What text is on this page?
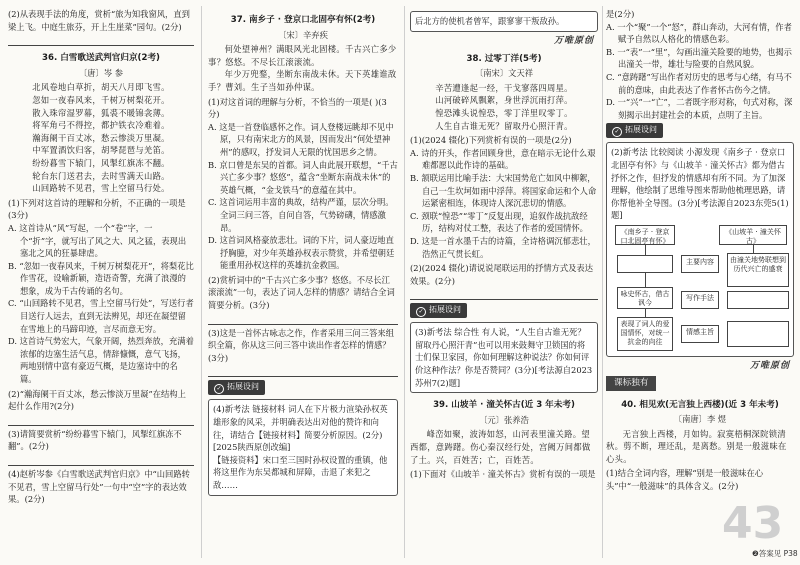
(2)从表现手法的角度，赏析“旅为知我窗风，直到梁上飞。中庭生旅芬，开上生崖菜”园句。(2分)

36. 白雪歌送武判官归京(2考)
〔唐〕岑 参

北风卷地白草折，胡天八月即飞雪。

忽如一夜春风来，千树万树梨花开。

散入珠帘湿罗幕，狐裘不暖锦衾薄。

将军角弓不得控，都护铁衣冷难着。

瀚海阑干百丈冰，愁云惨淡万里凝。

中军置酒饮归客，胡琴琵琶与羌笛。

纷纷暮雪下辕门，风掣红旗冻不翻。

轮台东门送君去，去时雪满天山路。

山回路转不见君，雪上空留马行处。

(1)下列对这首诗的理解和分析，不正确的一项是(3分)

A. 这首诗从“风”写起，一个“卷”字，一个“折”字，就写出了风之大、风之猛，表现出塞北之风的狂暴肆虐。

B. “忽如一夜春风来，千树万树梨花开”，将梨花比作雪花，设喻新颖，造语奇警，充满了浪漫的想象，成为千古传诵的名句。

C. “山回路转不见君，雪上空留马行处”，写送行者目送行人远去，直到无法辨见，却还在凝望留在雪地上的马蹄印迹，言尽而意无穷。

D. 这首诗气势宏大，气象开阔，热烈奔放，充满着浓郁的边塞生活气息，情辞慷慨，意气飞扬，两地别情中富有豪迈气概，是边塞诗中的名篇。

(2)“瀚海阑干百丈冰，愁云惨淡万里凝”在结构上起什么作用?(2分)

(3)请简要赏析“纷纷暮雪下辕门，风掣红旗冻不翻”。(2分)

(4)赵析岑参《白雪歌送武判官归京》中“山回路转不见君，雪上空留马行处”一句中“空”字的表达效果。(2分)

37. 南乡子 · 登京口北固亭有怀(2考)
〔宋〕辛弃疾

何处望神州？满眼风光北固楼。千古兴亡多少事？悠悠。不尽长江滚滚流。

年少万兜鍪，坐断东南战未休。天下英雄谁敌手？曹刘。生子当如孙仲谋。

(1)对这首词的理解与分析，不恰当的一项是( )(3分)

A. 这是一首登临感怀之作。词人登楼远眺却不见中原，只有南宋北方的风景，因而发出“何处望神州”的感叹，抒发词人无限的忧国思乡之情。

B. 京口曾是东吴的首都。词人由此展开联想，“千古兴亡多少事？悠悠”，蕴含“坐断东南战未休”的英雄气概，“金戈铁马”的意蕴在其中。

C. 这首词运用丰富的典故，结构严谨，层次分明。全词三问三答，自问自答，气势磅礴，情感激昂。

D. 这首词风格豪放悲壮。词的下片，词人豪迈地直抒胸臆，对少年英雄孙权表示赞赏，并希望朝廷能重用孙权这样的英雄抗金救国。

(2)赏析词中的“千古兴亡多少事？悠悠。不尽长江滚滚流”一句，表达了词人怎样的情感？请结合全词简要分析。(3分)

(3)这是一首怀古咏志之作，作者采用三问三答来组织全篇，你从这三问三答中读出作者怎样的情感？(3分)

✓ 拓展设问

(4)新考法 链接材料 词人在下片极力渲染孙权英雄形象的风采，并明确表达出对他的赞许和向往，请结合【链接材料】简要分析原因。(2分)[2025陕西原创改编]

【链接资料】宋口至三国时孙权设置的重镇，他将这里作为东吴都城和屏障，击退了来犯之敌……

后北方的使机者曾军，跟寥寥干叛敌孙。

万唯原创
38. 过零丁洋(5考)
〔南宋〕文天祥

辛苦遭逢起一经，干戈寥落四周星。

山河破碎风飘絮，身世浮沉雨打萍。

惶恐滩头说惶恐，零丁洋里叹零丁。

人生自古谁无死？留取丹心照汗青。

(1)(2024 辍化)下列赏析有误的一项是(2分)

A. 诗的开头，作者回顾身世，意在暗示无论什么艰难都愿以此作诗的基础。

B. 颔联运用比喻手法：大宋国势危亡如风中柳絮，自己一生坎坷如雨中浮萍。将国家命运和个人命运紧密相连，体现诗人深沉悲切的情感。

C. 颈联“惶恐”“零丁”反复出现，追叙作战抗敌经历，结构对仗工整，表达了作者的爱国情怀。

D. 这是一首水墨千古的诗篇，全诗格调沉郁悲壮，浩然正气贯长虹。

(2)(2024 辍化)请说说尾联运用的抒情方式及表达效果。(2分)

✓ 拓展设问

(3)新考法 综合性 有人说，“人生自古谁无死？留取丹心照汗青”也可以用来鼓舞守卫锁国的将士们保卫家园，你如何理解这种说法？你如何评价这种作法？你是否赞同？(3分)[考法源自2023苏州7(2)题]

39. 山坡羊 · 潼关怀古(近 3 年未考)
〔元〕张养浩

峰峦如聚，波涛如怒，山河表里潼关路。望西都，意踌躇。伤心秦汉经行处，宫阙万间都做了土。兴，百姓苦；亡，百姓苦。

(1)下面对《山坡羊 · 潼关怀古》赏析有误的一项是

是(2分)

A. 一个“聚”一个“怒”，群山奔动，大河有情，作者赋予自然以人格化的情感色彩。

B. 一“表”一“里”，勾画出潼关险要的地势，也揭示出潼关一带，雄壮与险要的自然风貌。

C. “意踌躇”写出作者对历史的思考与心绪，有马不前的意味，由此表达了作者怀古伤今之情。

D. 一“兴”一“亡”，二者既字形对称，句式对称，深刻揭示出封建社会的本质，点明了主旨。

✓ 拓展设问

(2)新考法 比较阅读 小源发现《南乡子 · 登京口北固亭有怀》与《山坡羊 · 潼关怀古》都为借古抒怀之作，但抒发的情感却有所不同。为了加深理解，他绘制了思维导图来帮助他梳理思路，请你帮他补全导图。(3分)[考法源自2023东莞5(1)题]

《南乡子 · 登京口北固亭有怀》
《山坡羊 · 潼关怀古》
主要内容	由潼关地势联想到历代兴亡的盛衰
咏史怀古，借古讽今
写作手法
表现了词人的爱国情怀，对统一抗金的向往
情感主旨
万唯原创
课标独有
40. 相见欢(无言独上西楼)(近 3 年未考)
〔南唐〕李 煜

无言独上西楼，月如钩。寂寞梧桐深院锁清秋。剪不断，理还乱，是离愁。别是一般滋味在心头。

(1)结合全词内容，理解“别是一般滋味在心头”中“一般滋味”的具体含义。(2分)

43
❷答案见 P38
